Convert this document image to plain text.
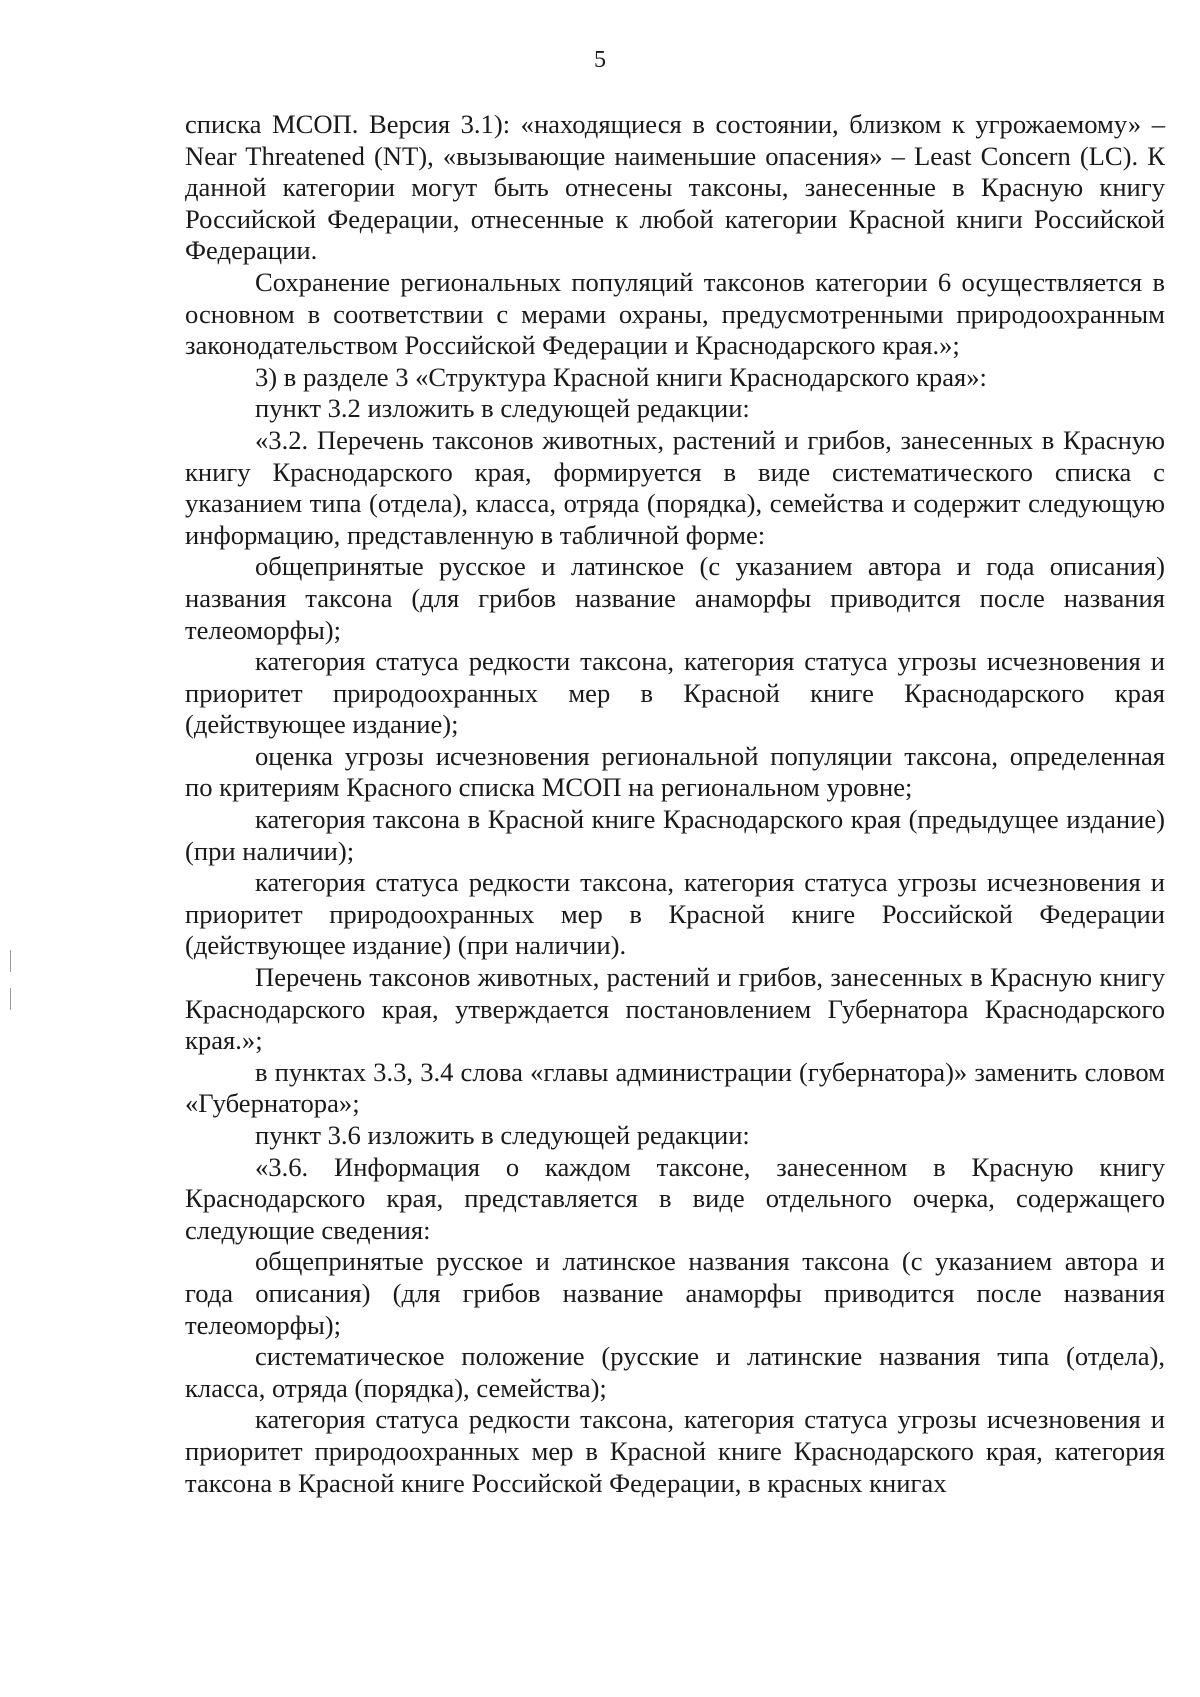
5

списка МСОП. Версия 3.1): «находящиеся в состоянии, близком к угрожаемому» – Near Threatened (NT), «вызывающие наименьшие опасения» – Least Concern (LC). К данной категории могут быть отнесены таксоны, занесенные в Красную книгу Российской Федерации, отнесенные к любой категории Красной книги Российской Федерации.

Сохранение региональных популяций таксонов категории 6 осуществляется в основном в соответствии с мерами охраны, предусмотренными природоохранным законодательством Российской Федерации и Краснодарского края.»;

3) в разделе 3 «Структура Красной книги Краснодарского края»:

пункт 3.2 изложить в следующей редакции:

«3.2. Перечень таксонов животных, растений и грибов, занесенных в Красную книгу Краснодарского края, формируется в виде систематического списка с указанием типа (отдела), класса, отряда (порядка), семейства и содержит следующую информацию, представленную в табличной форме:

общепринятые русское и латинское (с указанием автора и года описания) названия таксона (для грибов название анаморфы приводится после названия телеоморфы);

категория статуса редкости таксона, категория статуса угрозы исчезновения и приоритет природоохранных мер в Красной книге Краснодарского края (действующее издание);

оценка угрозы исчезновения региональной популяции таксона, определенная по критериям Красного списка МСОП на региональном уровне;

категория таксона в Красной книге Краснодарского края (предыдущее издание) (при наличии);

категория статуса редкости таксона, категория статуса угрозы исчезновения и приоритет природоохранных мер в Красной книге Российской Федерации (действующее издание) (при наличии).

Перечень таксонов животных, растений и грибов, занесенных в Красную книгу Краснодарского края, утверждается постановлением Губернатора Краснодарского края.»;

в пунктах 3.3, 3.4 слова «главы администрации (губернатора)» заменить словом «Губернатора»;

пункт 3.6 изложить в следующей редакции:

«3.6. Информация о каждом таксоне, занесенном в Красную книгу Краснодарского края, представляется в виде отдельного очерка, содержащего следующие сведения:

общепринятые русское и латинское названия таксона (с указанием автора и года описания) (для грибов название анаморфы приводится после названия телеоморфы);

систематическое положение (русские и латинские названия типа (отдела), класса, отряда (порядка), семейства);

категория статуса редкости таксона, категория статуса угрозы исчезновения и приоритет природоохранных мер в Красной книге Краснодарского края, категория таксона в Красной книге Российской Федерации, в красных книгах
